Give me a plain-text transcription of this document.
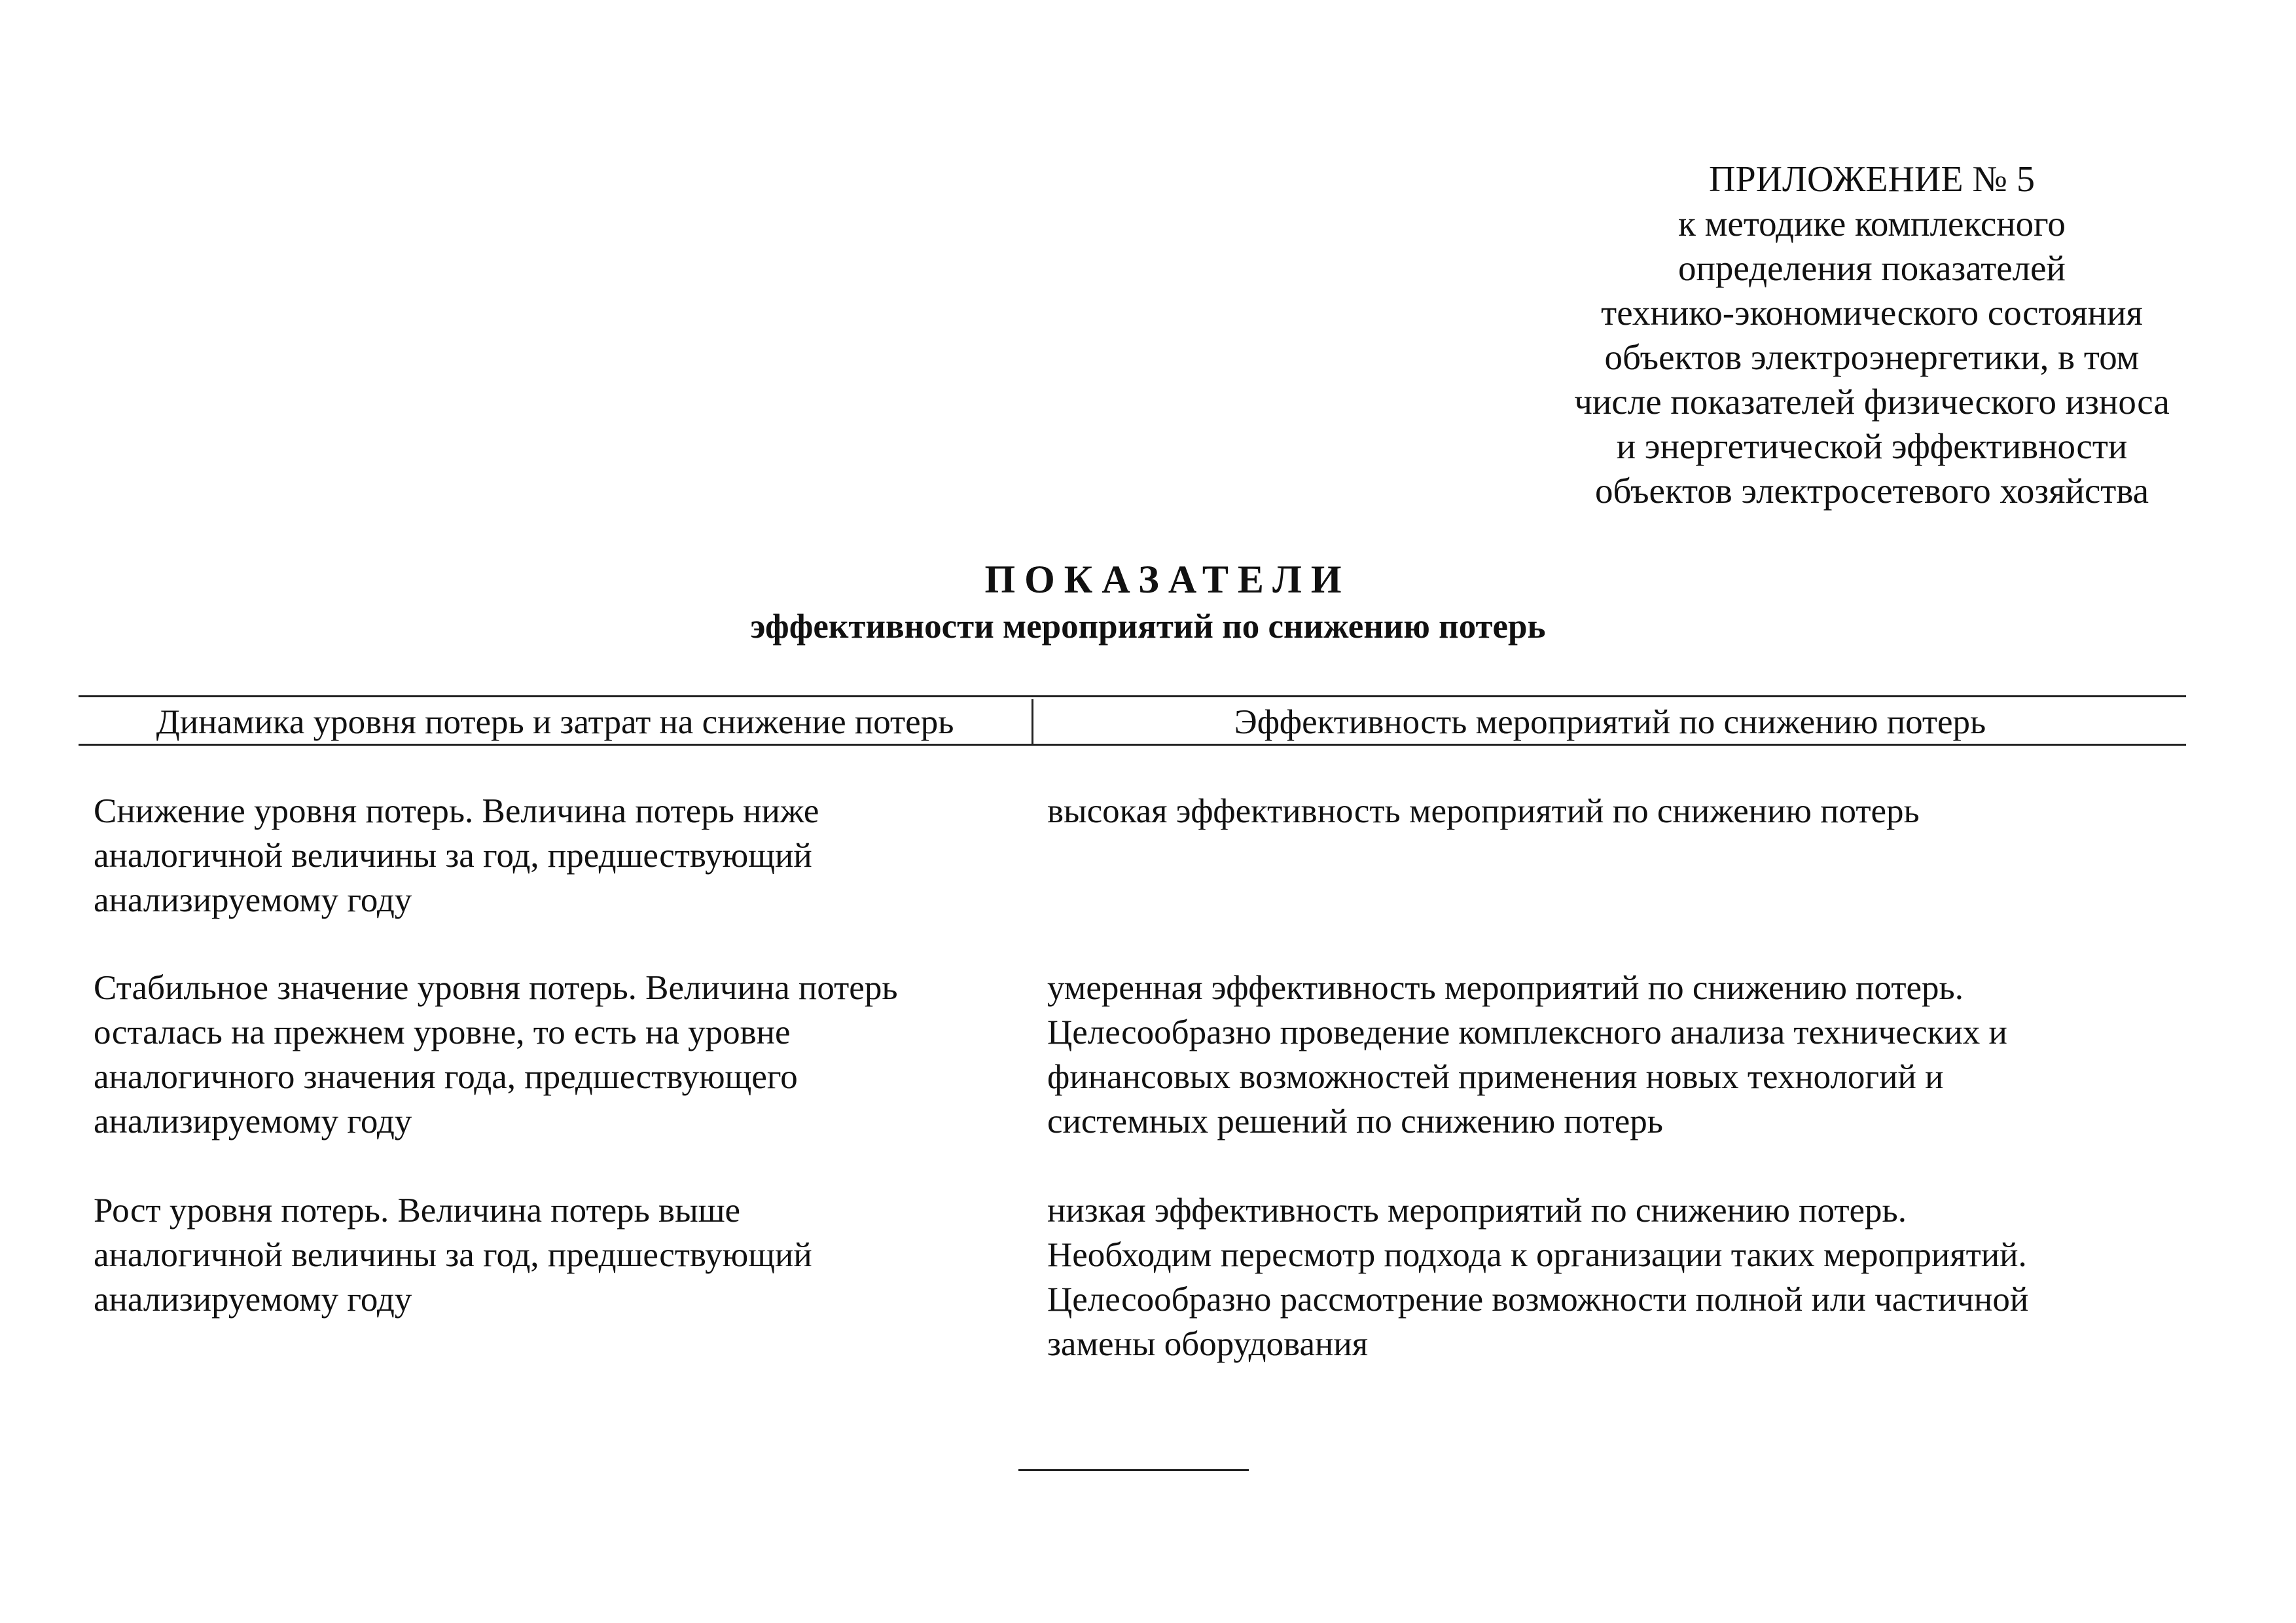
ПРИЛОЖЕНИЕ № 5
к методике комплексного
определения показателей
технико-экономического состояния
объектов электроэнергетики, в том
числе показателей физического износа
и энергетической эффективности
объектов электросетевого хозяйства
ПОКАЗАТЕЛИ
эффективности мероприятий по снижению потерь
Динамика уровня потерь и затрат на снижение потерь	Эффективность мероприятий по снижению потерь
Снижение уровня потерь. Величина потерь ниже
аналогичной величины за год, предшествующий
анализируемому году
высокая эффективность мероприятий по снижению потерь
Стабильное значение уровня потерь. Величина потерь
осталась на прежнем уровне, то есть на уровне
аналогичного значения года, предшествующего
анализируемому году
умеренная эффективность мероприятий по снижению потерь.
Целесообразно проведение комплексного анализа технических и
финансовых возможностей применения новых технологий и
системных решений по снижению потерь
Рост уровня потерь. Величина потерь выше
аналогичной величины за год, предшествующий
анализируемому году
низкая эффективность мероприятий по снижению потерь.
Необходим пересмотр подхода к организации таких мероприятий.
Целесообразно рассмотрение возможности полной или частичной
замены оборудования
